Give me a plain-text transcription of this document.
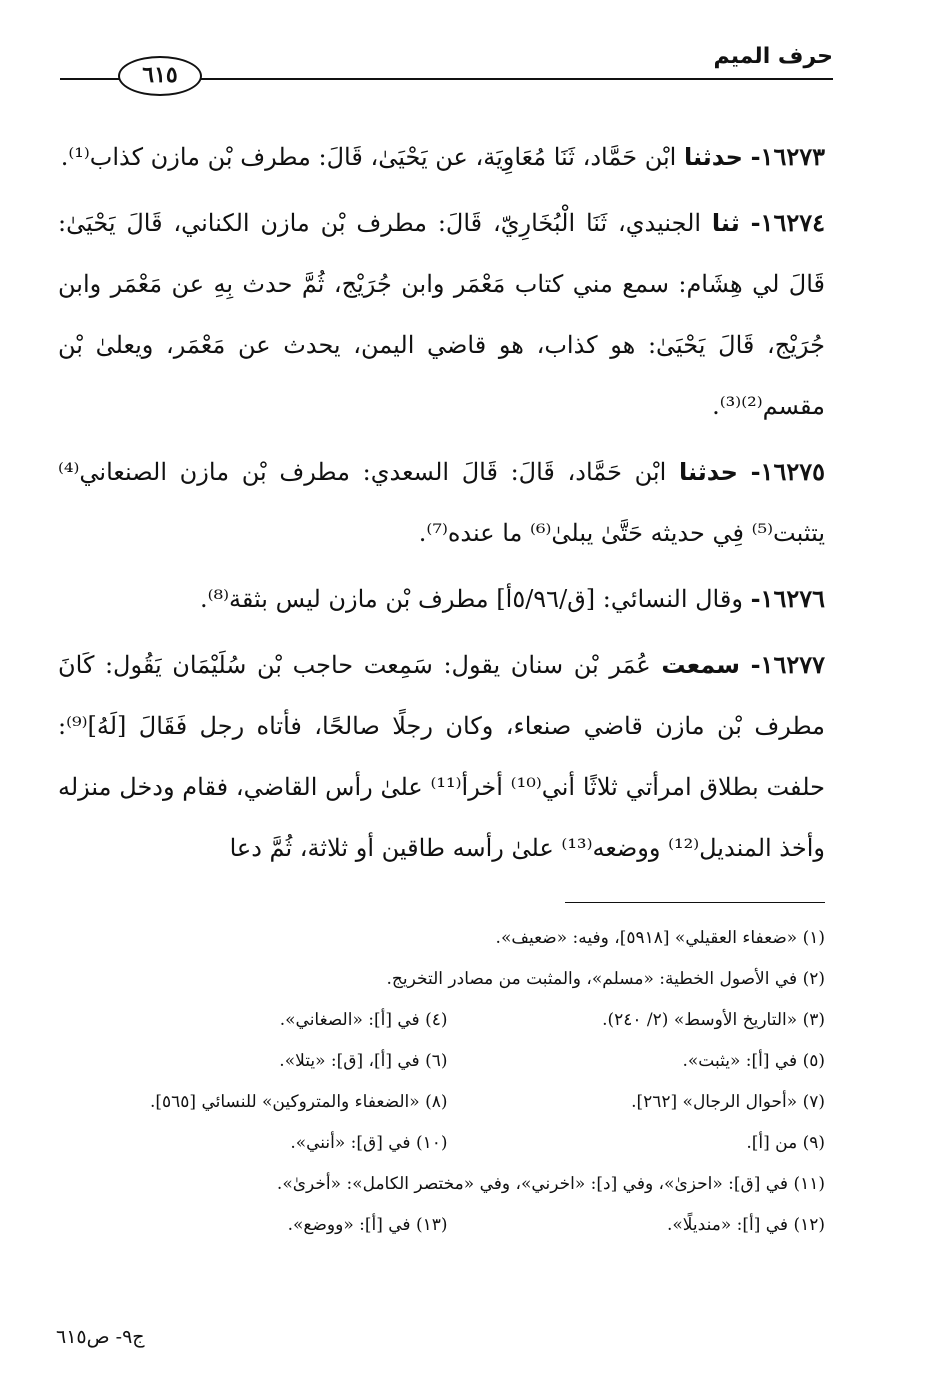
حرف الميم
٦١٥

١٦٢٧٣- حدثنا ابْن حَمَّاد، ثَنَا مُعَاوِيَة، عن يَحْيَىٰ، قَالَ: مطرف بْن مازن كذاب⁽¹⁾.

١٦٢٧٤- ثنا الجنيدي، ثَنَا الْبُخَارِيّ، قَالَ: مطرف بْن مازن الكناني، قَالَ يَحْيَىٰ: قَالَ لي هِشَام: سمع مني كتاب مَعْمَر وابن جُرَيْج، ثُمَّ حدث بِهِ عن مَعْمَر وابن جُرَيْج، قَالَ يَحْيَىٰ: هو كذاب، هو قاضي اليمن، يحدث عن مَعْمَر، ويعلىٰ بْن مقسم⁽²⁾⁽³⁾.

١٦٢٧٥- حدثنا ابْن حَمَّاد، قَالَ: قَالَ السعدي: مطرف بْن مازن الصنعاني⁽⁴⁾ يتثبت⁽⁵⁾ فِي حديثه حَتَّىٰ يبلىٰ⁽⁶⁾ ما عنده⁽⁷⁾.

١٦٢٧٦- وقال النسائي: [ق/٥/٩٦أ] مطرف بْن مازن ليس بثقة⁽⁸⁾.

١٦٢٧٧- سمعت عُمَر بْن سنان يقول: سَمِعت حاجب بْن سُلَيْمَان يَقُول: كَانَ مطرف بْن مازن قاضي صنعاء، وكان رجلًا صالحًا، فأتاه رجل فَقَالَ [لَهُ]⁽⁹⁾: حلفت بطلاق امرأتي ثلاثًا أني⁽¹⁰⁾ أخرأ⁽¹¹⁾ علىٰ رأس القاضي، فقام ودخل منزله وأخذ المنديل⁽¹²⁾ ووضعه⁽¹³⁾ علىٰ رأسه طاقين أو ثلاثة، ثُمَّ دعا

(١) «ضعفاء العقيلي» [٥٩١٨]، وفيه: «ضعيف».
(٢) في الأصول الخطية: «مسلم»، والمثبت من مصادر التخريج.
(٣) «التاريخ الأوسط» (٢/ ٢٤٠).
(٤) في [أ]: «الصغاني».
(٥) في [أ]: «يثبت».
(٦) في [أ]، [ق]: «يتلا».
(٧) «أحوال الرجال» [٢٦٢].
(٨) «الضعفاء والمتروكين» للنسائي [٥٦٥].
(٩) من [أ].
(١٠) في [ق]: «أنني».
(١١) في [ق]: «احزىٰ»، وفي [د]: «اخرني»، وفي «مختصر الكامل»: «أخرىٰ».
(١٢) في [أ]: «منديلًا».
(١٣) في [أ]: «ووضع».
ج٩- ص٦١٥
